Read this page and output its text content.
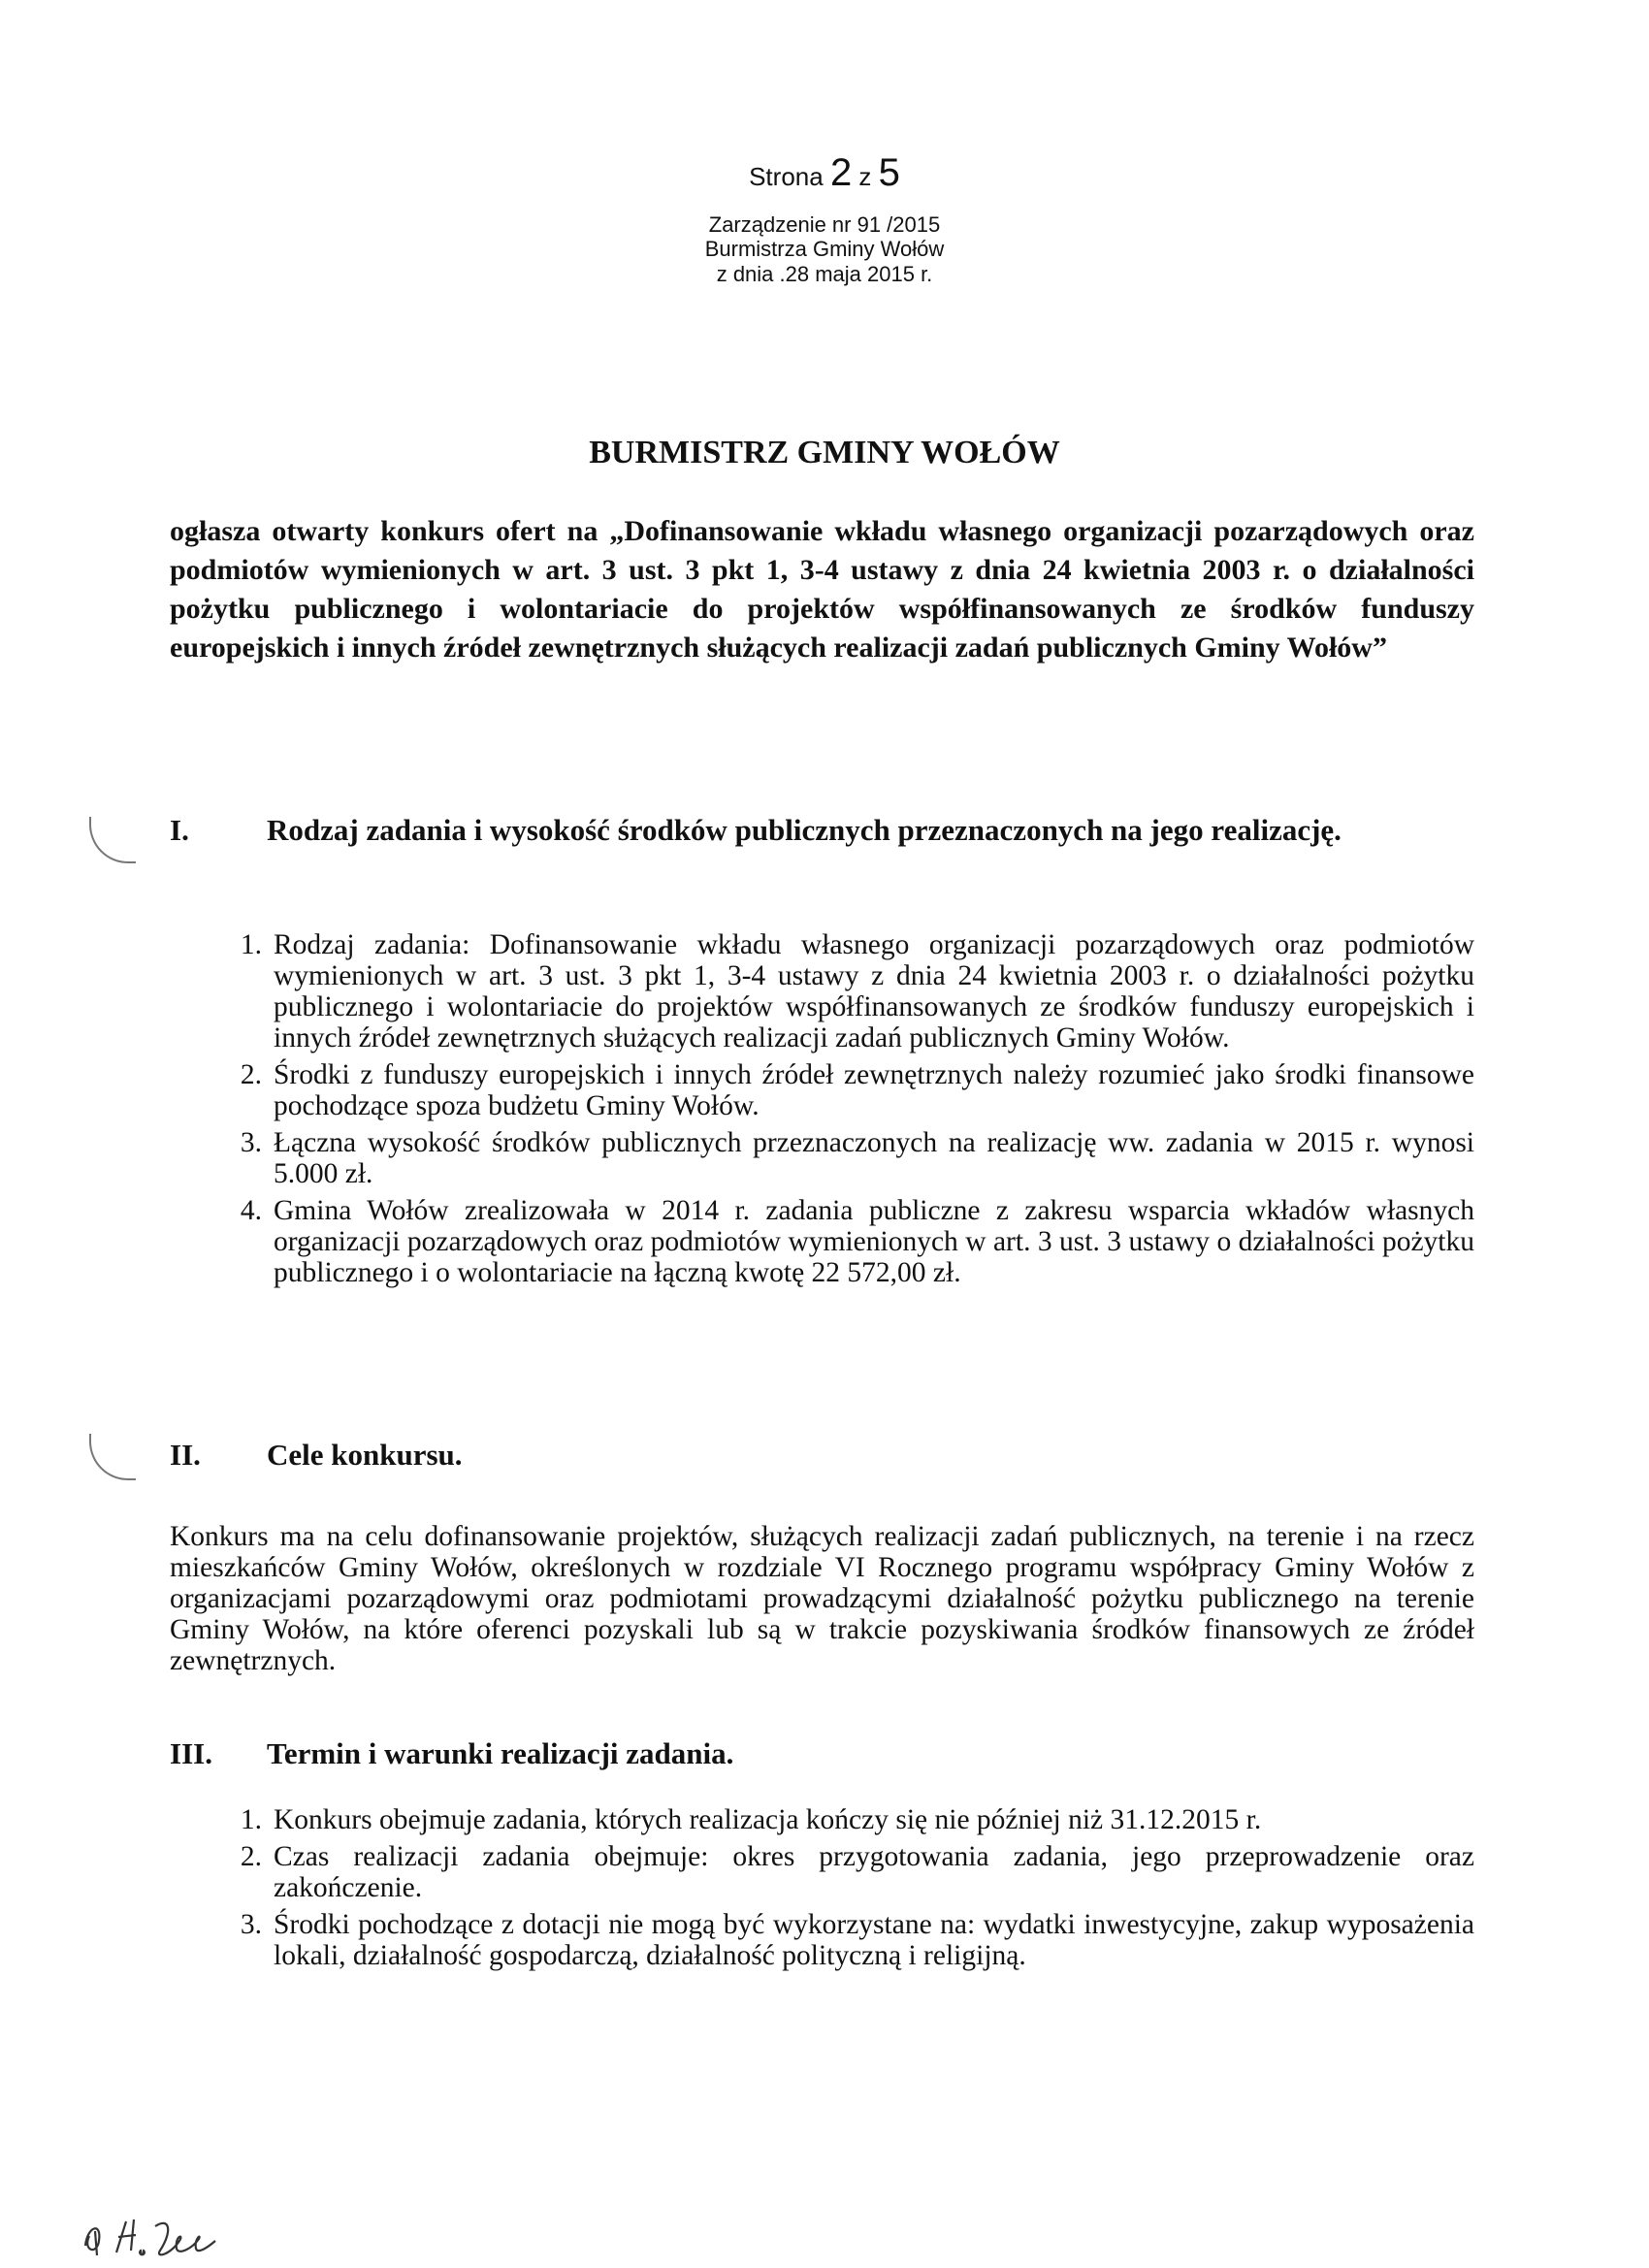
Strona 2 z 5
Zarządzenie nr 91 /2015
Burmistrza Gminy Wołów
z dnia .28 maja 2015 r.
BURMISTRZ GMINY WOŁÓW
ogłasza otwarty konkurs ofert na „Dofinansowanie wkładu własnego organizacji pozarządowych oraz podmiotów wymienionych w art. 3 ust. 3 pkt 1, 3-4 ustawy z dnia 24 kwietnia 2003 r. o działalności pożytku publicznego i wolontariacie do projektów współfinansowanych ze środków funduszy europejskich i innych źródeł zewnętrznych służących realizacji zadań publicznych Gminy Wołów”
I.	Rodzaj zadania i wysokość środków publicznych przeznaczonych na jego realizację.
1. Rodzaj zadania: Dofinansowanie wkładu własnego organizacji pozarządowych oraz podmiotów wymienionych w art. 3 ust. 3 pkt 1, 3-4 ustawy z dnia 24 kwietnia 2003 r. o działalności pożytku publicznego i wolontariacie do projektów współfinansowanych ze środków funduszy europejskich i innych źródeł zewnętrznych służących realizacji zadań publicznych Gminy Wołów.
2. Środki z funduszy europejskich i innych źródeł zewnętrznych należy rozumieć jako środki finansowe pochodzące spoza budżetu Gminy Wołów.
3. Łączna wysokość środków publicznych przeznaczonych na realizację ww. zadania w 2015 r. wynosi 5.000 zł.
4. Gmina Wołów zrealizowała w 2014 r. zadania publiczne z zakresu wsparcia wkładów własnych organizacji pozarządowych oraz podmiotów wymienionych w art. 3 ust. 3 ustawy o działalności pożytku publicznego i o wolontariacie na łączną kwotę 22 572,00 zł.
II. Cele konkursu.
Konkurs ma na celu dofinansowanie projektów, służących realizacji zadań publicznych, na terenie i na rzecz mieszkańców Gminy Wołów, określonych w rozdziale VI Rocznego programu współpracy Gminy Wołów z organizacjami pozarządowymi oraz podmiotami prowadzącymi działalność pożytku publicznego na terenie Gminy Wołów, na które oferenci pozyskali lub są w trakcie pozyskiwania środków finansowych ze źródeł zewnętrznych.
III. Termin i warunki realizacji zadania.
1. Konkurs obejmuje zadania, których realizacja kończy się nie później niż 31.12.2015 r.
2. Czas realizacji zadania obejmuje: okres przygotowania zadania, jego przeprowadzenie oraz zakończenie.
3. Środki pochodzące z dotacji nie mogą być wykorzystane na: wydatki inwestycyjne, zakup wyposażenia lokali, działalność gospodarczą, działalność polityczną i religijną.
